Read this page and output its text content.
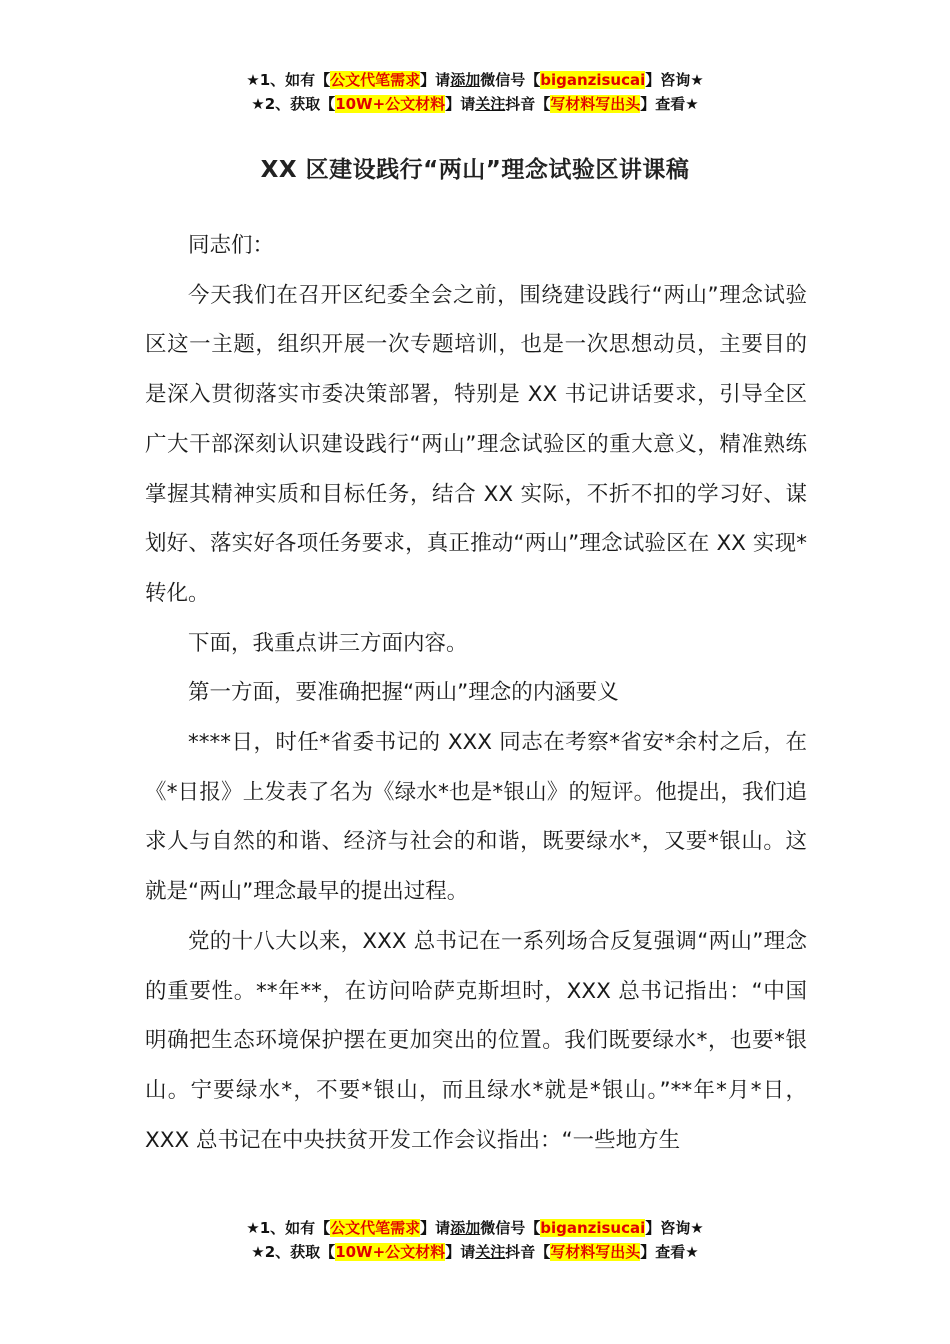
★1、如有【公文代笔需求】请添加微信号【biganzisucai】咨询★
★2、获取【10W+公文材料】请关注抖音【写材料写出头】查看★
XX 区建设践行“两山”理念试验区讲课稿

同志们：

今天我们在召开区纪委全会之前，围绕建设践行“两山”理念试验区这一主题，组织开展一次专题培训，也是一次思想动员，主要目的是深入贯彻落实市委决策部署，特别是 XX 书记讲话要求，引导全区广大干部深刻认识建设践行“两山”理念试验区的重大意义，精准熟练掌握其精神实质和目标任务，结合 XX 实际，不折不扣的学习好、谋划好、落实好各项任务要求，真正推动“两山”理念试验区在 XX 实现*转化。

下面，我重点讲三方面内容。

第一方面，要准确把握“两山”理念的内涵要义

****日，时任*省委书记的 XXX 同志在考察*省安*余村之后，在《*日报》上发表了名为《绿水*也是*银山》的短评。他提出，我们追求人与自然的和谐、经济与社会的和谐，既要绿水*，又要*银山。这就是“两山”理念最早的提出过程。

党的十八大以来，XXX 总书记在一系列场合反复强调“两山”理念的重要性。**年**，在访问哈萨克斯坦时，XXX 总书记指出：“中国明确把生态环境保护摆在更加突出的位置。我们既要绿水*，也要*银山。宁要绿水*，不要*银山，而且绿水*就是*银山。”**年*月*日，XXX 总书记在中央扶贫开发工作会议指出：“一些地方生

★1、如有【公文代笔需求】请添加微信号【biganzisucai】咨询★
★2、获取【10W+公文材料】请关注抖音【写材料写出头】查看★
